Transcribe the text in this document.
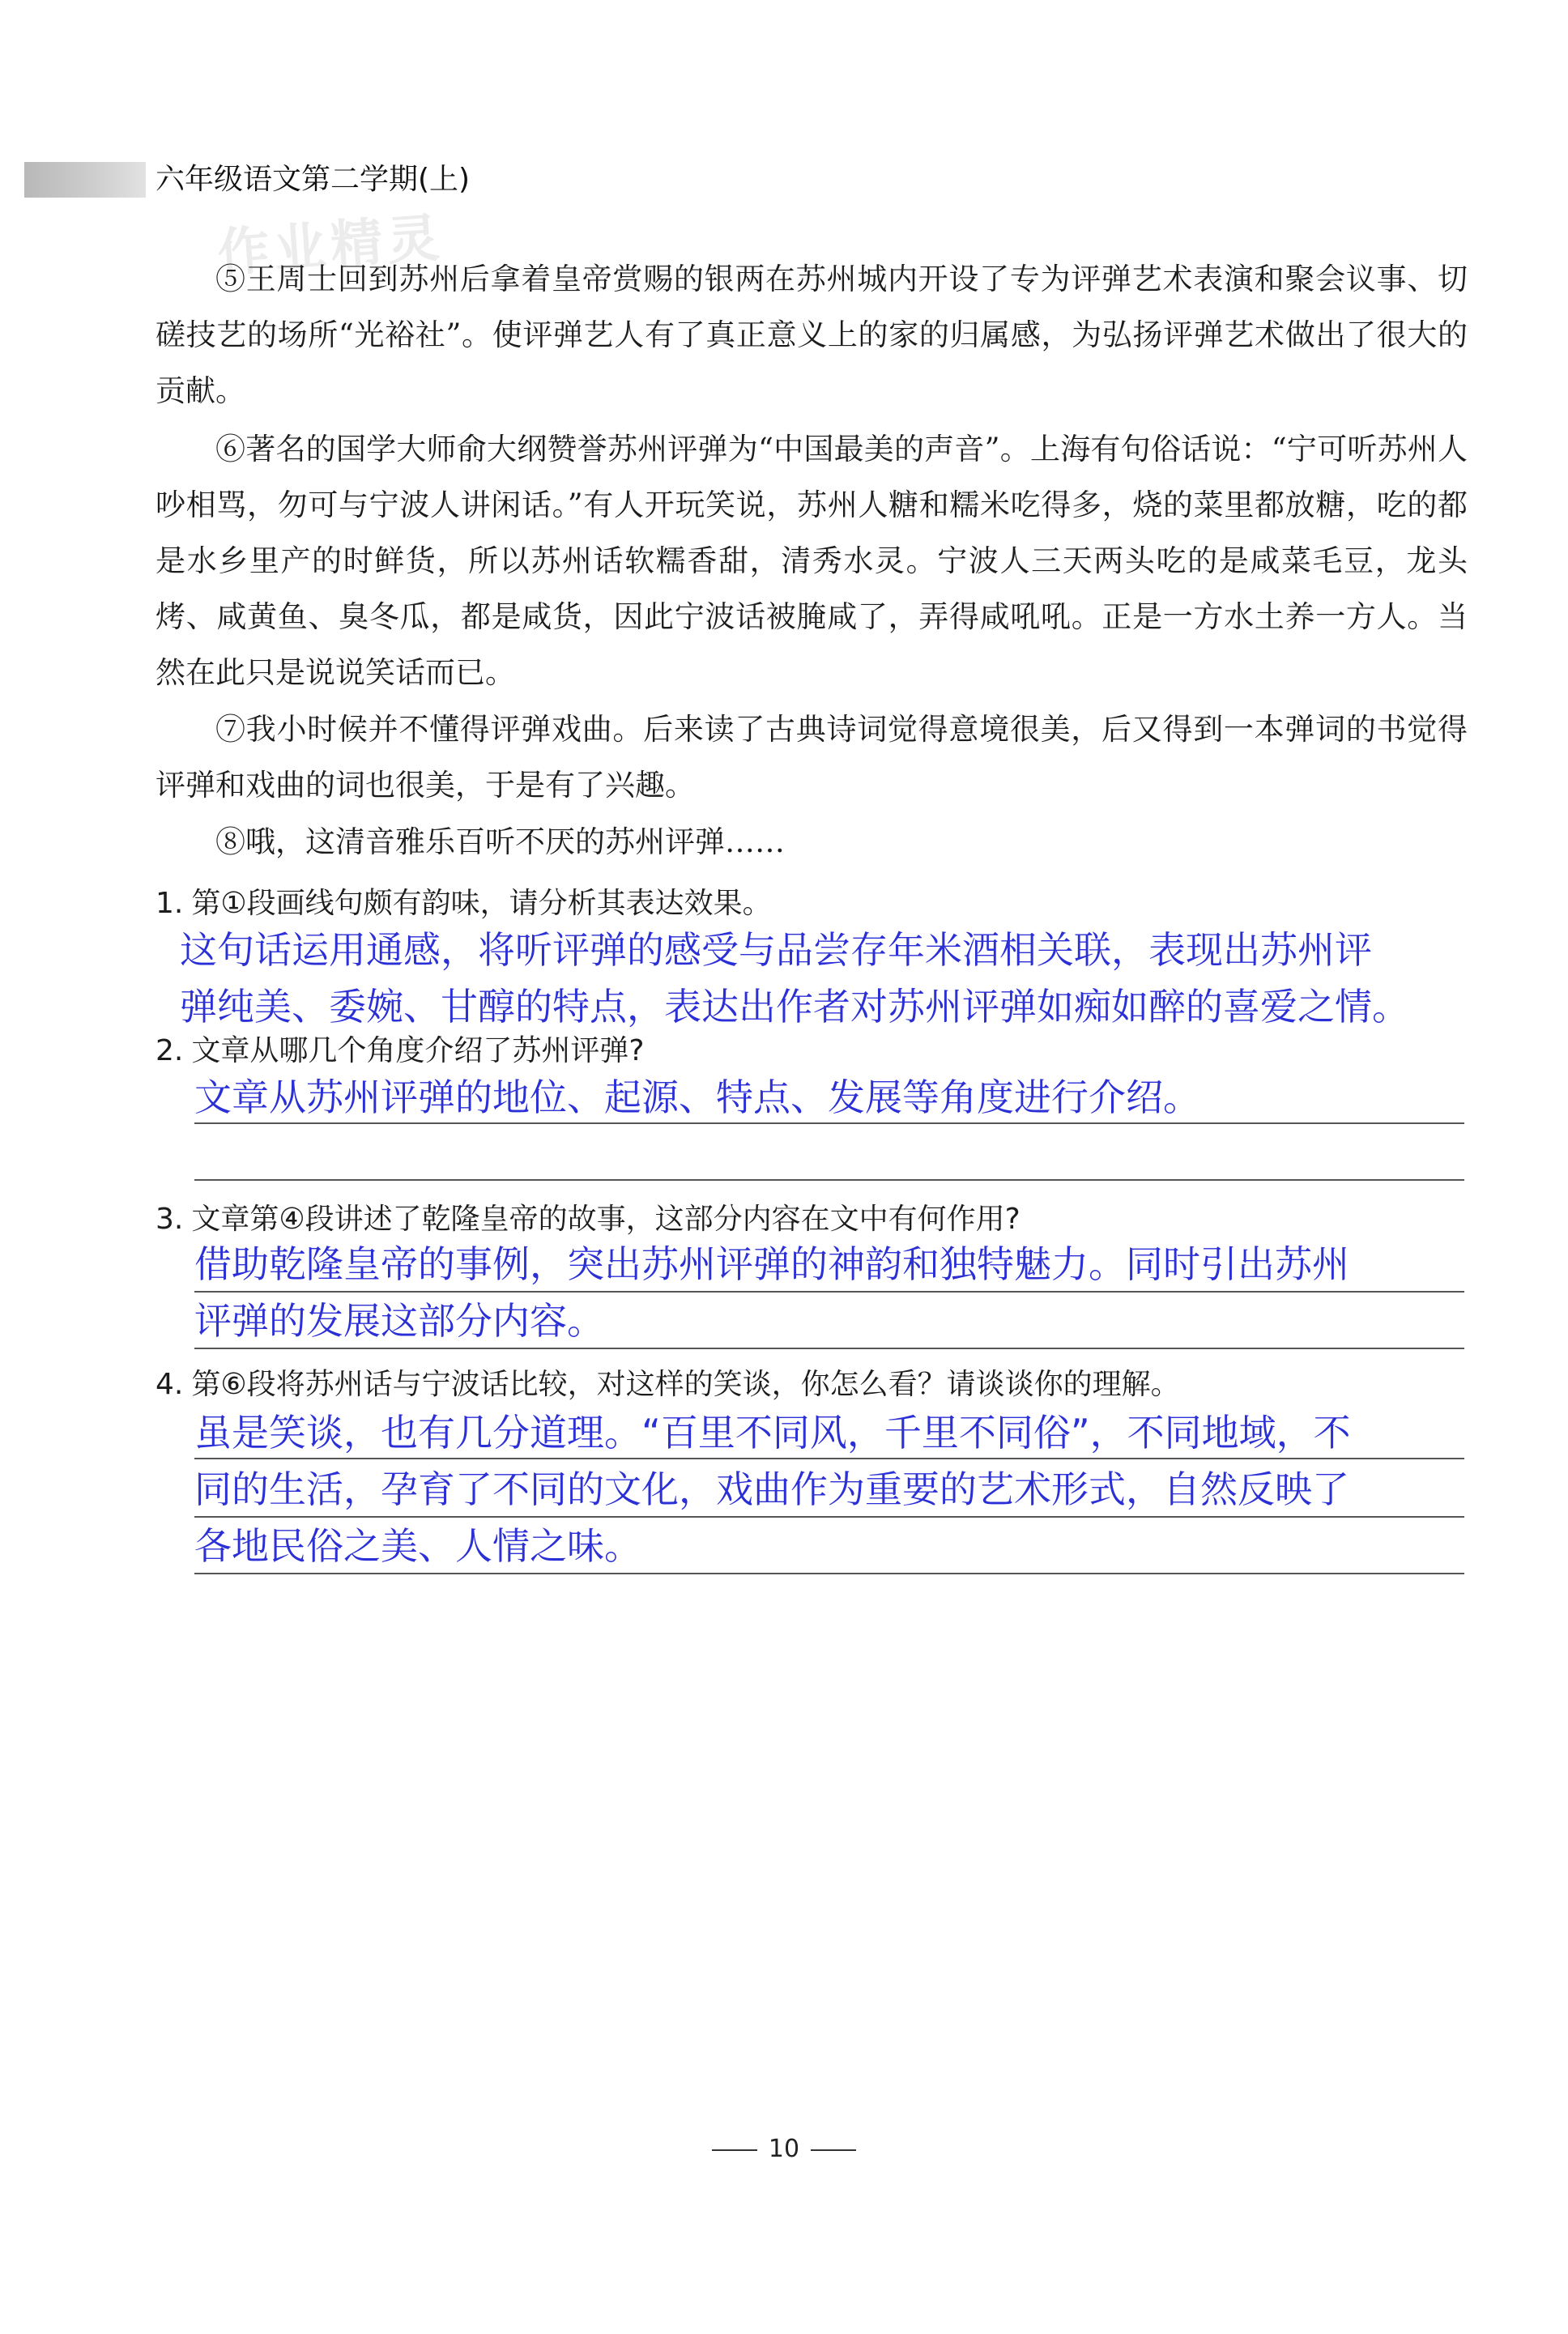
六年级语文第二学期(上)
作业精灵
⑤王周士回到苏州后拿着皇帝赏赐的银两在苏州城内开设了专为评弹艺术表演和聚会议事、切磋技艺的场所“光裕社”。使评弹艺人有了真正意义上的家的归属感，为弘扬评弹艺术做出了很大的贡献。
⑥著名的国学大师俞大纲赞誉苏州评弹为“中国最美的声音”。上海有句俗话说：“宁可听苏州人吵相骂，勿可与宁波人讲闲话。”有人开玩笑说，苏州人糖和糯米吃得多，烧的菜里都放糖，吃的都是水乡里产的时鲜货，所以苏州话软糯香甜，清秀水灵。宁波人三天两头吃的是咸菜毛豆，龙头烤、咸黄鱼、臭冬瓜，都是咸货，因此宁波话被腌咸了，弄得咸吼吼。正是一方水土养一方人。当然在此只是说说笑话而已。
⑦我小时候并不懂得评弹戏曲。后来读了古典诗词觉得意境很美，后又得到一本弹词的书觉得评弹和戏曲的词也很美，于是有了兴趣。
⑧哦，这清音雅乐百听不厌的苏州评弹……
1. 第①段画线句颇有韵味，请分析其表达效果。
这句话运用通感，将听评弹的感受与品尝存年米酒相关联，表现出苏州评
弹纯美、委婉、甘醇的特点，表达出作者对苏州评弹如痴如醉的喜爱之情。
2. 文章从哪几个角度介绍了苏州评弹?
文章从苏州评弹的地位、起源、特点、发展等角度进行介绍。
3. 文章第④段讲述了乾隆皇帝的故事，这部分内容在文中有何作用?
借助乾隆皇帝的事例，突出苏州评弹的神韵和独特魅力。同时引出苏州
评弹的发展这部分内容。
4. 第⑥段将苏州话与宁波话比较，对这样的笑谈，你怎么看？请谈谈你的理解。
虽是笑谈，也有几分道理。“百里不同风，千里不同俗”，不同地域，不
同的生活，孕育了不同的文化，戏曲作为重要的艺术形式，自然反映了
各地民俗之美、人情之味。
10
